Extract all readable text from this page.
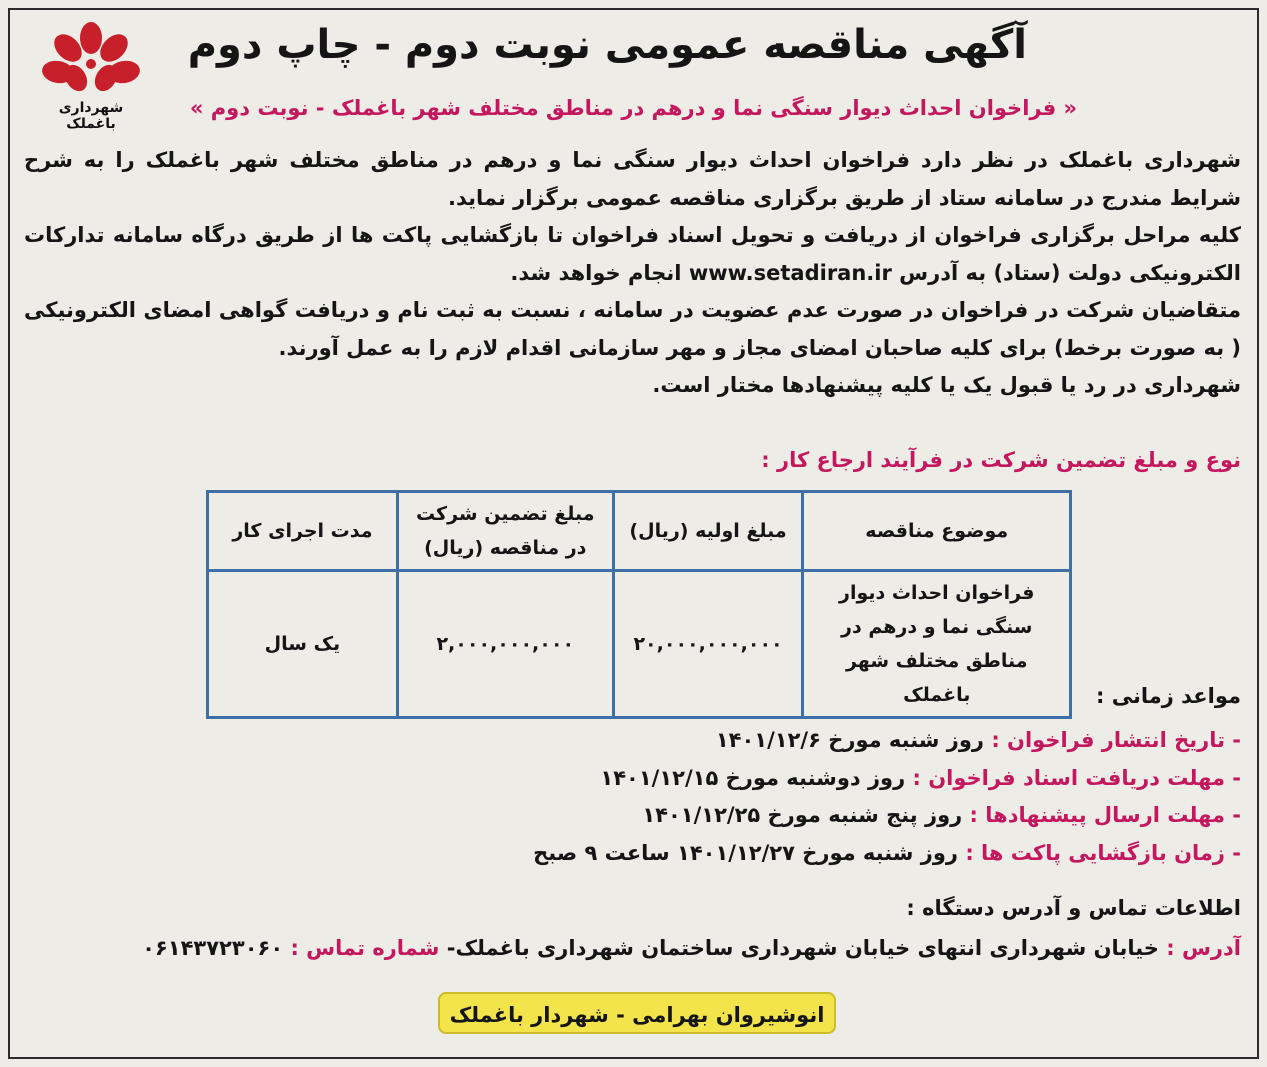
شهرداری باغملک
آگهی مناقصه عمومی نوبت دوم - چاپ دوم
« فراخوان احداث دیوار سنگی نما و درهم در مناطق مختلف شهر باغملک - نوبت دوم »

شهرداری باغملک در نظر دارد فراخوان احداث دیوار سنگی نما و درهم در مناطق مختلف شهر باغملک را به شرح شرایط مندرج در سامانه ستاد از طریق برگزاری مناقصه عمومی برگزار نماید.

کلیه مراحل برگزاری فراخوان از دریافت و تحویل اسناد فراخوان تا بازگشایی پاکت ها از طریق درگاه سامانه تدارکات الکترونیکی دولت (ستاد) به آدرس www.setadiran.ir انجام خواهد شد.

متقاضیان شرکت در فراخوان در صورت عدم عضویت در سامانه ، نسبت به ثبت نام و دریافت گواهی امضای الکترونیکی ( به صورت برخط) برای کلیه صاحبان امضای مجاز و مهر سازمانی اقدام لازم را به عمل آورند.

شهرداری در رد یا قبول یک یا کلیه پیشنهادها مختار است.

نوع و مبلغ تضمین شرکت در فرآیند ارجاع کار :
موضوع مناقصه	مبلغ اولیه (ریال)	مبلغ تضمین شرکت در مناقصه (ریال)	مدت اجرای کار
فراخوان احداث دیوار سنگی نما و درهم در مناطق مختلف شهر باغملک	۲۰,۰۰۰,۰۰۰,۰۰۰	۲,۰۰۰,۰۰۰,۰۰۰	یک سال
مواعد زمانی :
- تاریخ انتشار فراخوان : روز شنبه مورخ ۱۴۰۱/۱۲/۶
- مهلت دریافت اسناد فراخوان : روز دوشنبه مورخ ۱۴۰۱/۱۲/۱۵
- مهلت ارسال پیشنهادها : روز پنج شنبه مورخ ۱۴۰۱/۱۲/۲۵
- زمان بازگشایی پاکت ها : روز شنبه مورخ ۱۴۰۱/۱۲/۲۷ ساعت ۹ صبح
اطلاعات تماس و آدرس دستگاه :
آدرس : خیابان شهرداری انتهای خیابان شهرداری ساختمان شهرداری باغملک- شماره تماس : ۰۶۱۴۳۷۲۳۰۶۰
انوشیروان بهرامی - شهردار باغملک
